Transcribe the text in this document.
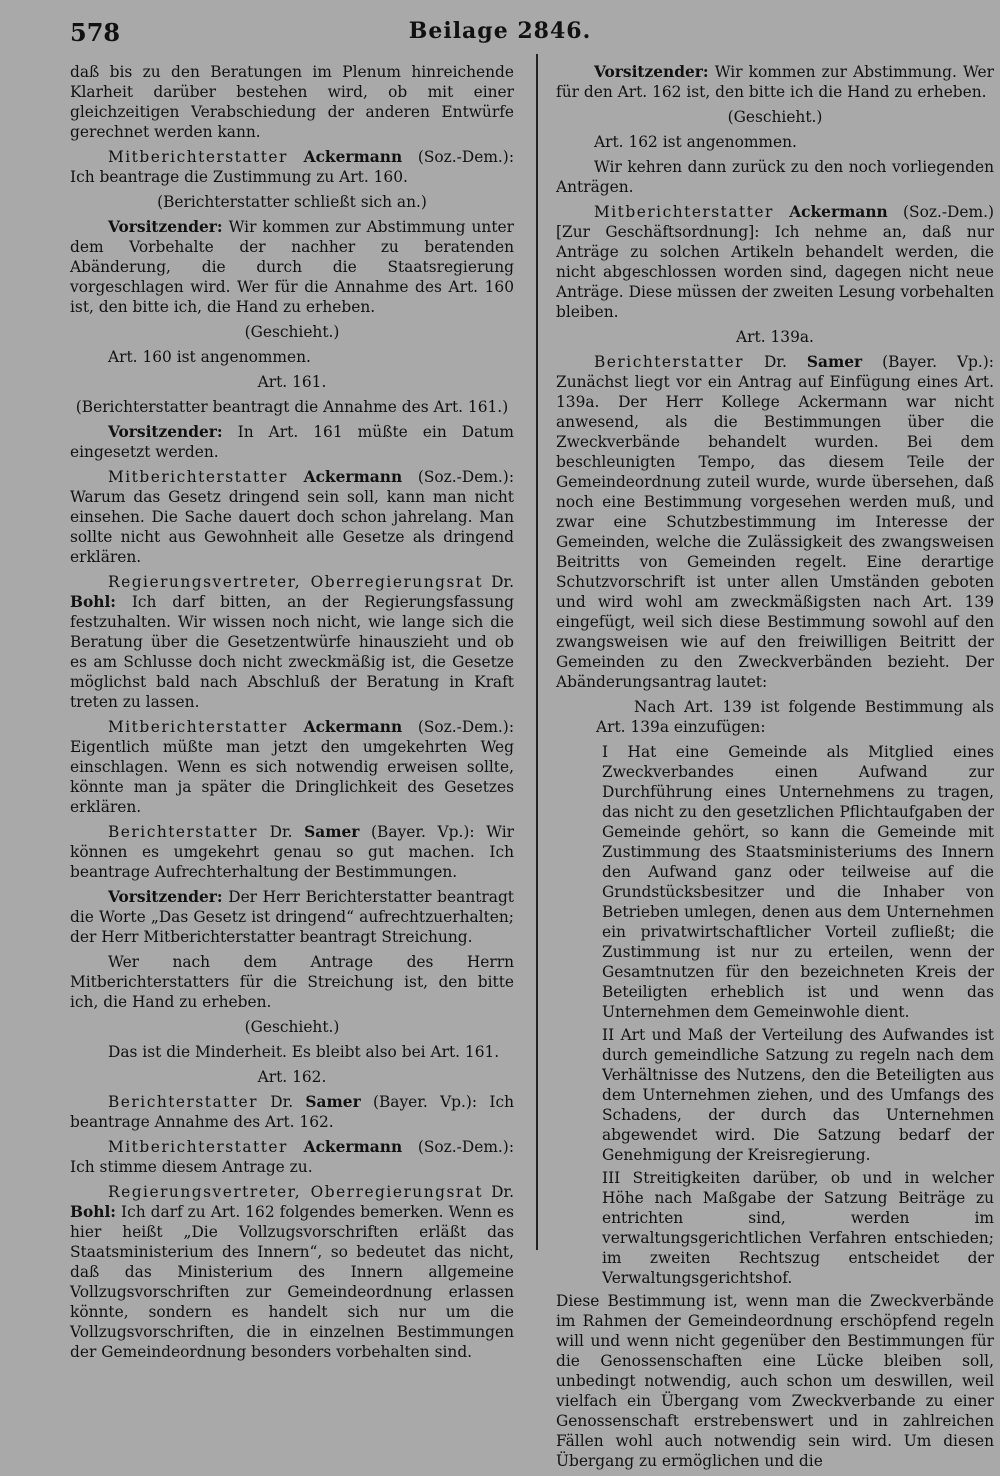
578	Beilage 2846.

daß bis zu den Beratungen im Plenum hinreichende Klarheit darüber bestehen wird, ob mit einer gleichzeitigen Verabschiedung der anderen Entwürfe gerechnet werden kann.

Mitberichterstatter Ackermann (Soz.-Dem.): Ich beantrage die Zustimmung zu Art. 160.

(Berichterstatter schließt sich an.)

Vorsitzender: Wir kommen zur Abstimmung unter dem Vorbehalte der nachher zu beratenden Abänderung, die durch die Staatsregierung vorgeschlagen wird. Wer für die Annahme des Art. 160 ist, den bitte ich, die Hand zu erheben.

(Geschieht.)

Art. 160 ist angenommen.

Art. 161.

(Berichterstatter beantragt die Annahme des Art. 161.)

Vorsitzender: In Art. 161 müßte ein Datum eingesetzt werden.

Mitberichterstatter Ackermann (Soz.-Dem.): Warum das Gesetz dringend sein soll, kann man nicht einsehen. Die Sache dauert doch schon jahrelang. Man sollte nicht aus Gewohnheit alle Gesetze als dringend erklären.

Regierungsvertreter, Oberregierungsrat Dr. Bohl: Ich darf bitten, an der Regierungsfassung festzuhalten. Wir wissen noch nicht, wie lange sich die Beratung über die Gesetzentwürfe hinauszieht und ob es am Schlusse doch nicht zweckmäßig ist, die Gesetze möglichst bald nach Abschluß der Beratung in Kraft treten zu lassen.

Mitberichterstatter Ackermann (Soz.-Dem.): Eigentlich müßte man jetzt den umgekehrten Weg einschlagen. Wenn es sich notwendig erweisen sollte, könnte man ja später die Dringlichkeit des Gesetzes erklären.

Berichterstatter Dr. Samer (Bayer. Vp.): Wir können es umgekehrt genau so gut machen. Ich beantrage Aufrechterhaltung der Bestimmungen.

Vorsitzender: Der Herr Berichterstatter beantragt die Worte „Das Gesetz ist dringend“ aufrechtzuerhalten; der Herr Mitberichterstatter beantragt Streichung.

Wer nach dem Antrage des Herrn Mitberichterstatters für die Streichung ist, den bitte ich, die Hand zu erheben.

(Geschieht.)

Das ist die Minderheit. Es bleibt also bei Art. 161.

Art. 162.

Berichterstatter Dr. Samer (Bayer. Vp.): Ich beantrage Annahme des Art. 162.

Mitberichterstatter Ackermann (Soz.-Dem.): Ich stimme diesem Antrage zu.

Regierungsvertreter, Oberregierungsrat Dr. Bohl: Ich darf zu Art. 162 folgendes bemerken. Wenn es hier heißt „Die Vollzugsvorschriften erläßt das Staatsministerium des Innern“, so bedeutet das nicht, daß das Ministerium des Innern allgemeine Vollzugsvorschriften zur Gemeindeordnung erlassen könnte, sondern es handelt sich nur um die Vollzugsvorschriften, die in einzelnen Bestimmungen der Gemeindeordnung besonders vorbehalten sind.

Vorsitzender: Wir kommen zur Abstimmung. Wer für den Art. 162 ist, den bitte ich die Hand zu erheben.

(Geschieht.)

Art. 162 ist angenommen.

Wir kehren dann zurück zu den noch vorliegenden Anträgen.

Mitberichterstatter Ackermann (Soz.-Dem.) [Zur Geschäftsordnung]: Ich nehme an, daß nur Anträge zu solchen Artikeln behandelt werden, die nicht abgeschlossen worden sind, dagegen nicht neue Anträge. Diese müssen der zweiten Lesung vorbehalten bleiben.

Art. 139a.

Berichterstatter Dr. Samer (Bayer. Vp.): Zunächst liegt vor ein Antrag auf Einfügung eines Art. 139a. Der Herr Kollege Ackermann war nicht anwesend, als die Bestimmungen über die Zweckverbände behandelt wurden. Bei dem beschleunigten Tempo, das diesem Teile der Gemeindeordnung zuteil wurde, wurde übersehen, daß noch eine Bestimmung vorgesehen werden muß, und zwar eine Schutzbestimmung im Interesse der Gemeinden, welche die Zulässigkeit des zwangsweisen Beitritts von Gemeinden regelt. Eine derartige Schutzvorschrift ist unter allen Umständen geboten und wird wohl am zweckmäßigsten nach Art. 139 eingefügt, weil sich diese Bestimmung sowohl auf den zwangsweisen wie auf den freiwilligen Beitritt der Gemeinden zu den Zweckverbänden bezieht. Der Abänderungsantrag lautet:

Nach Art. 139 ist folgende Bestimmung als Art. 139a einzufügen:

I Hat eine Gemeinde als Mitglied eines Zweckverbandes einen Aufwand zur Durchführung eines Unternehmens zu tragen, das nicht zu den gesetzlichen Pflichtaufgaben der Gemeinde gehört, so kann die Gemeinde mit Zustimmung des Staatsministeriums des Innern den Aufwand ganz oder teilweise auf die Grundstücksbesitzer und die Inhaber von Betrieben umlegen, denen aus dem Unternehmen ein privatwirtschaftlicher Vorteil zufließt; die Zustimmung ist nur zu erteilen, wenn der Gesamtnutzen für den bezeichneten Kreis der Beteiligten erheblich ist und wenn das Unternehmen dem Gemeinwohle dient.

II Art und Maß der Verteilung des Aufwandes ist durch gemeindliche Satzung zu regeln nach dem Verhältnisse des Nutzens, den die Beteiligten aus dem Unternehmen ziehen, und des Umfangs des Schadens, der durch das Unternehmen abgewendet wird. Die Satzung bedarf der Genehmigung der Kreisregierung.

III Streitigkeiten darüber, ob und in welcher Höhe nach Maßgabe der Satzung Beiträge zu entrichten sind, werden im verwaltungsgerichtlichen Verfahren entschieden; im zweiten Rechtszug entscheidet der Verwaltungsgerichtshof.

Diese Bestimmung ist, wenn man die Zweckverbände im Rahmen der Gemeindeordnung erschöpfend regeln will und wenn nicht gegenüber den Bestimmungen für die Genossenschaften eine Lücke bleiben soll, unbedingt notwendig, auch schon um deswillen, weil vielfach ein Übergang vom Zweckverbande zu einer Genossenschaft erstrebenswert und in zahlreichen Fällen wohl auch notwendig sein wird. Um diesen Übergang zu ermöglichen und die
